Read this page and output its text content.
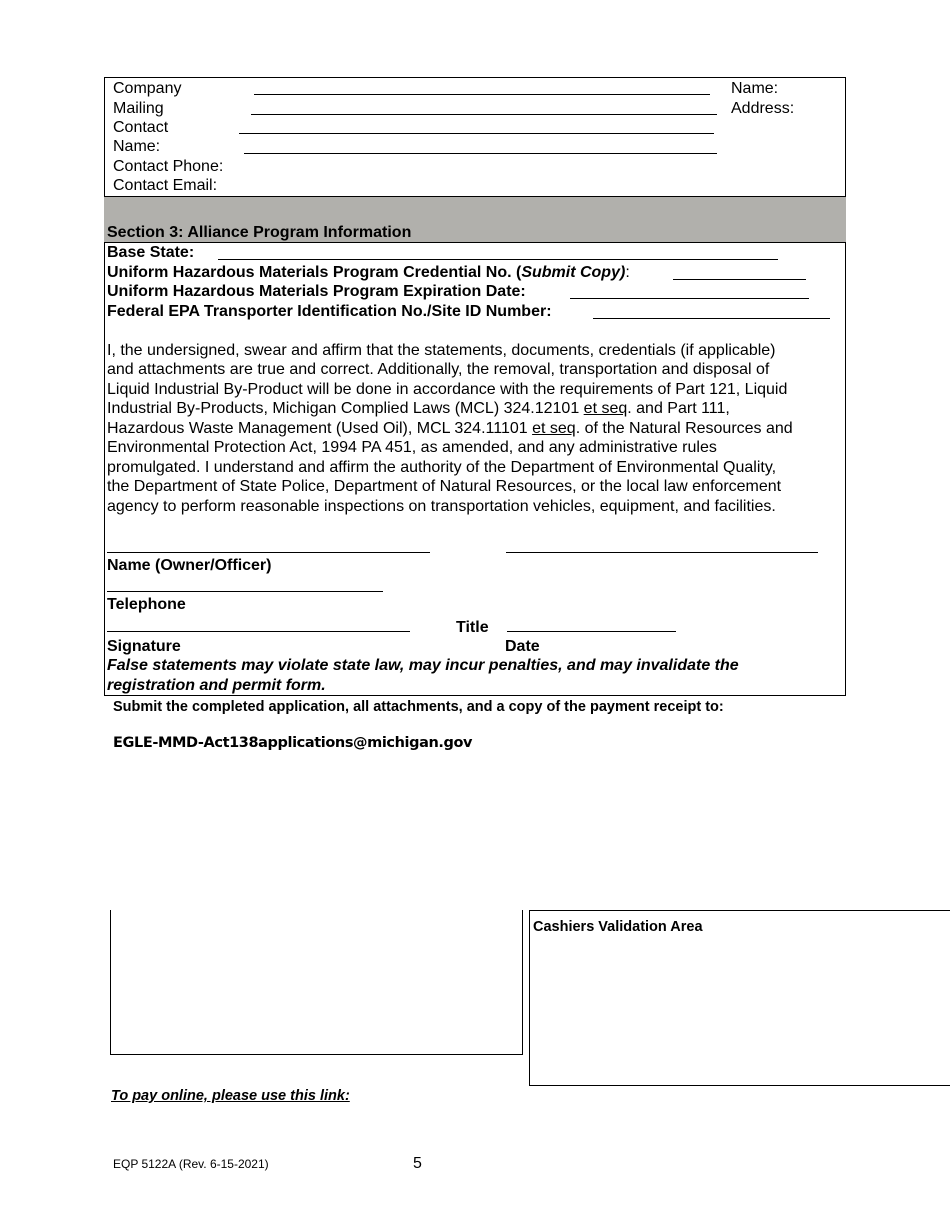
Company
Mailing
Contact
Name:
Contact Phone:
Contact Email:
Name:
Address:
Section 3: Alliance Program Information
Base State:
Uniform Hazardous Materials Program Credential No. (Submit Copy):
Uniform Hazardous Materials Program Expiration Date:
Federal EPA Transporter Identification No./Site ID Number:
I, the undersigned, swear and affirm that the statements, documents, credentials (if applicable)
and attachments are true and correct. Additionally, the removal, transportation and disposal of
Liquid Industrial By-Product will be done in accordance with the requirements of Part 121, Liquid
Industrial By-Products, Michigan Complied Laws (MCL) 324.12101 et seq. and Part 111,
Hazardous Waste Management (Used Oil), MCL 324.11101 et seq. of the Natural Resources and
Environmental Protection Act, 1994 PA 451, as amended, and any administrative rules
promulgated. I understand and affirm the authority of the Department of Environmental Quality,
the Department of State Police, Department of Natural Resources, or the local law enforcement
agency to perform reasonable inspections on transportation vehicles, equipment, and facilities.
Name (Owner/Officer)
Telephone
Title
Signature	Date
False statements may violate state law, may incur penalties, and may invalidate the
registration and permit form.
Submit the completed application, all attachments, and a copy of the payment receipt to:
EGLE-MMD-Act138applications@michigan.gov
Cashiers Validation Area
To pay online, please use this link:
EQP 5122A (Rev. 6-15-2021)	5
